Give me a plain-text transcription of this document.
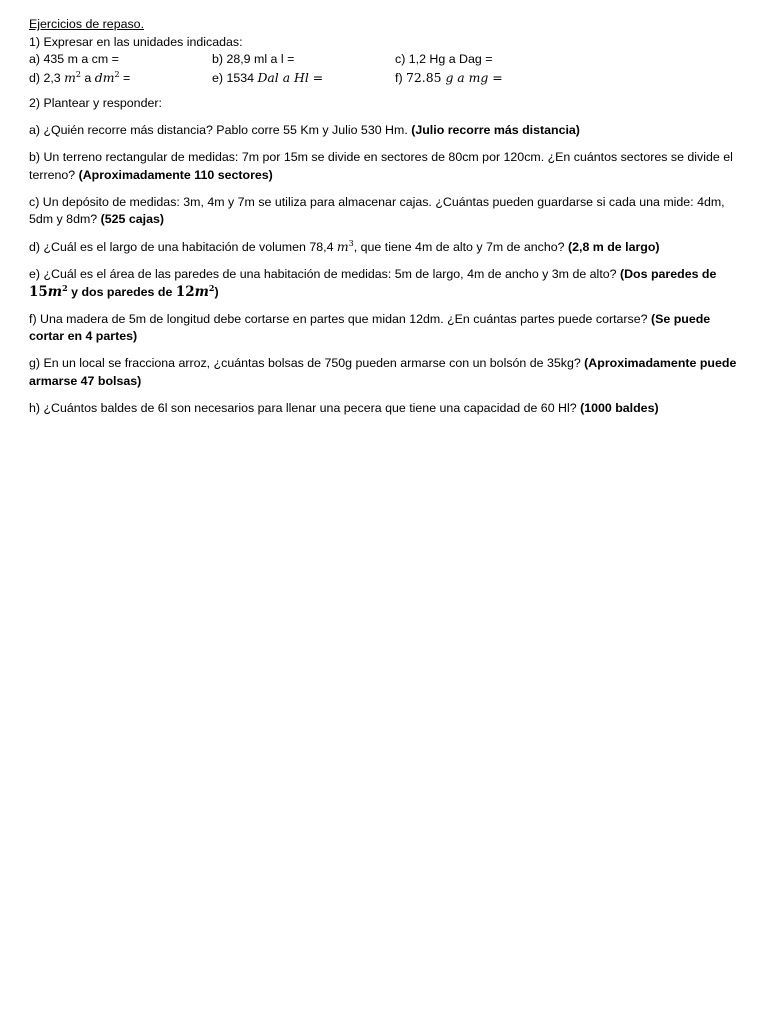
Ejercicios de repaso.

1) Expresar en las unidades indicadas:

a) 435 m a cm =	b) 28,9 ml a l =	c) 1,2 Hg a Dag =
d) 2,3 $m^2$ a $dm^2$ =	e) 1534 Dal a Hl =	f) 72.85 g a mg =

2) Plantear y responder:

a) ¿Quién recorre más distancia? Pablo corre 55 Km y Julio 530 Hm. (Julio recorre más distancia)

b) Un terreno rectangular de medidas: 7m por 15m se divide en sectores de 80cm por 120cm. ¿En cuántos sectores se divide el terreno? (Aproximadamente 110 sectores)

c) Un depósito de medidas: 3m, 4m y 7m se utiliza para almacenar cajas. ¿Cuántas pueden guardarse si cada una mide: 4dm, 5dm y 8dm? (525 cajas)

d) ¿Cuál es el largo de una habitación de volumen 78,4 $m^3$, que tiene 4m de alto y 7m de ancho? (2,8 m de largo)

e) ¿Cuál es el área de las paredes de una habitación de medidas: 5m de largo, 4m de ancho y 3m de alto? (Dos paredes de $15m^2$ y dos paredes de $12m^2$)

f) Una madera de 5m de longitud debe cortarse en partes que midan 12dm. ¿En cuántas partes puede cortarse? (Se puede cortar en 4 partes)

g) En un local se fracciona arroz, ¿cuántas bolsas de 750g pueden armarse con un bolsón de 35kg? (Aproximadamente puede armarse 47 bolsas)

h) ¿Cuántos baldes de 6l son necesarios para llenar una pecera que tiene una capacidad de 60 Hl? (1000 baldes)
